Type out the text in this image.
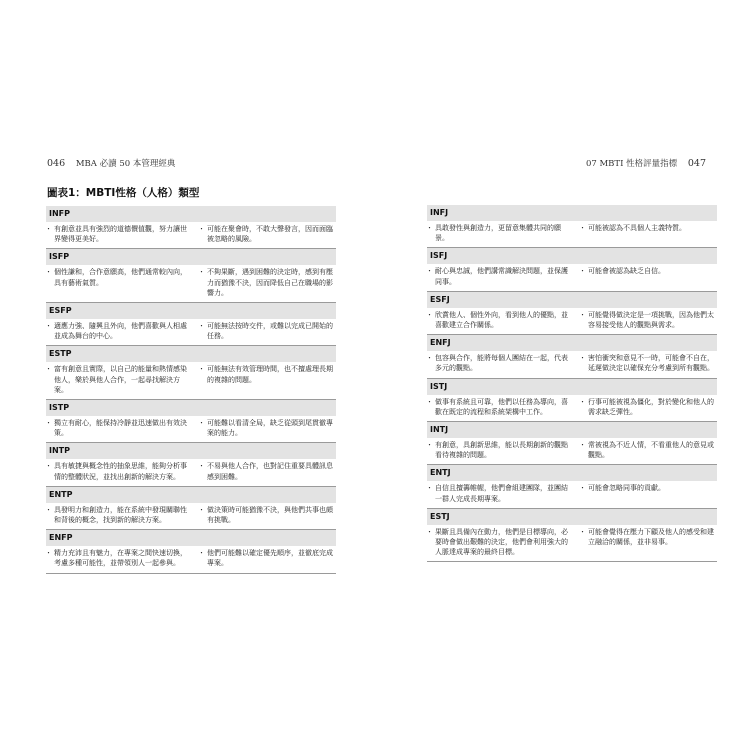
046 MBA 必讀 50 本管理經典	07 MBTI 性格評量指標 047
圖表1：MBTI性格（人格）類型
INFP
・ 有創意並具有強烈的道德價值觀，努力讓世界變得更美好。
・ 可能在聚會時，不敢大聲發言，因而面臨被忽略的風險。
ISFP
・ 個性謙和，合作意願高，他們通常較內向，具有藝術氣質。
・ 不夠果斷，遇到困難的決定時，感到有壓力而猶豫不決，因而降低自己在職場的影響力。
ESFP
・ 適應力強、隨興且外向，他們喜歡與人相處並成為舞台的中心。
・ 可能無法按時交件，或難以完成已開始的任務。
ESTP
・ 富有創意且實際，以自己的能量和熱情感染他人，樂於與他人合作，一起尋找解決方案。
・ 可能無法有效管理時間，也不擅處理長期的複雜的問題。
ISTP
・ 獨立有耐心，能保持冷靜並迅速做出有效決策。
・ 可能難以看清全局，缺乏從頭到尾貫徹專案的能力。
INTP
・ 具有敏捷與概念性的抽象思維，能夠分析事情的整體狀況，並找出創新的解決方案。
・ 不易與他人合作，也對記住重要具體訊息感到困難。
ENTP
・ 具發明力和創造力，能在系統中發現關聯性和背後的概念，找到新的解決方案。
・ 做決策時可能猶豫不決，與他們共事也頗有挑戰。
ENFP
・ 精力充沛且有魅力，在專案之間快速切換，考慮多種可能性，並帶領別人一起參與。
・ 他們可能難以確定優先順序，並徹底完成專案。
INFJ
・ 具敢發性與創造力，更留意集體共同的願景。
・ 可能被認為不具個人主義特質。
ISFJ
・ 耐心與忠誠，他們講常識解決問題，並保護同事。
・ 可能會被認為缺乏自信。
ESFJ
・ 欣賞他人、個性外向，看到他人的優點，並喜歡建立合作關係。
・ 可能覺得做決定是一項挑戰，因為他們太容易接受他人的觀點與需求。
ENFJ
・ 包容與合作，能將每個人團結在一起，代表多元的觀點。
・ 害怕衝突和意見不一時，可能會不自在，延遲做決定以確保充分考慮到所有觀點。
ISTJ
・ 做事有系統且可靠，他們以任務為導向，喜歡在既定的流程和系統架構中工作。
・ 行事可能被視為僵化，對於變化和他人的需求缺乏彈性。
INTJ
・ 有創意，具創新思維，能以長期創新的觀點看待複雜的問題。
・ 常被視為不近人情，不看重他人的意見或觀點。
ENTJ
・ 自信且擅籌帷幄，他們會組建團隊，並團結一群人完成長期專案。
・ 可能會忽略同事的貢獻。
ESTJ
・ 果斷且具備內在動力，他們是目標導向，必要時會做出艱難的決定，他們會利用強大的人脈達成專案的最終目標。
・ 可能會覺得在壓力下顧及他人的感受和建立融洽的關係，並非易事。
